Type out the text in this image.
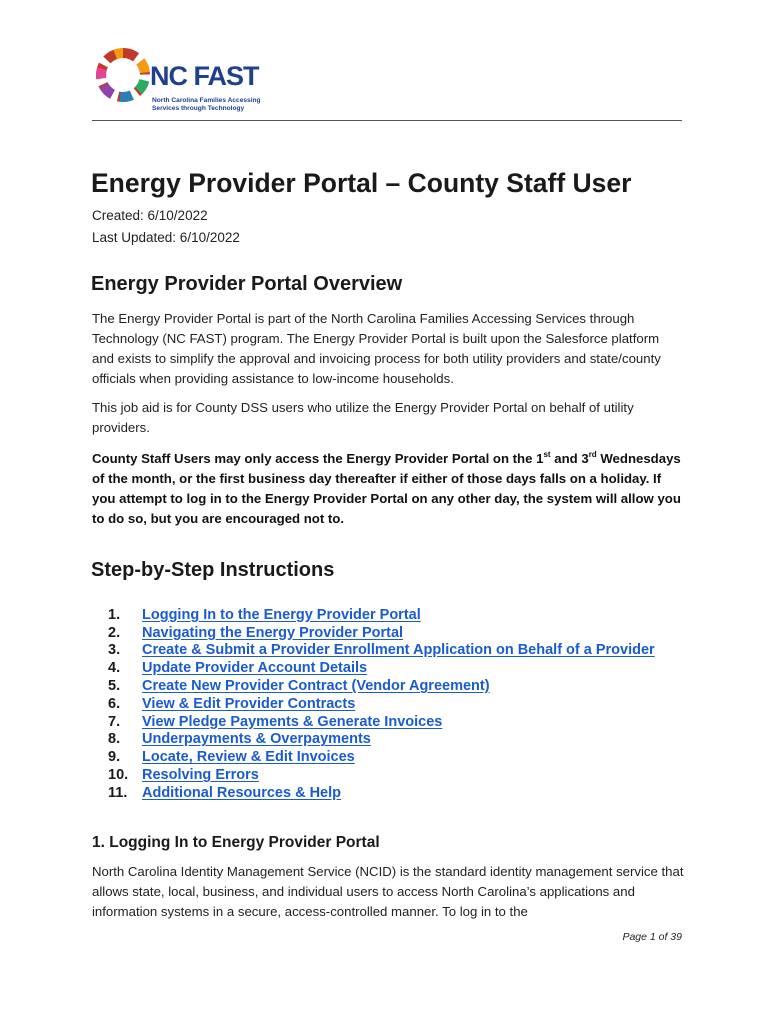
NC FAST
North Carolina Families Accessing
Services through Technology
Energy Provider Portal – County Staff User
Created: 6/10/2022
Last Updated: 6/10/2022
Energy Provider Portal Overview

The Energy Provider Portal is part of the North Carolina Families Accessing Services through Technology (NC FAST) program. The Energy Provider Portal is built upon the Salesforce platform and exists to simplify the approval and invoicing process for both utility providers and state/county officials when providing assistance to low-income households.

This job aid is for County DSS users who utilize the Energy Provider Portal on behalf of utility providers.

County Staff Users may only access the Energy Provider Portal on the 1st and 3rd Wednesdays of the month, or the first business day thereafter if either of those days falls on a holiday. If you attempt to log in to the Energy Provider Portal on any other day, the system will allow you to do so, but you are encouraged not to.

Step-by-Step Instructions
1.	Logging In to the Energy Provider Portal
2.	Navigating the Energy Provider Portal
3.	Create & Submit a Provider Enrollment Application on Behalf of a Provider
4.	Update Provider Account Details
5.	Create New Provider Contract (Vendor Agreement)
6.	View & Edit Provider Contracts
7.	View Pledge Payments & Generate Invoices
8.	Underpayments & Overpayments
9.	Locate, Review & Edit Invoices
10. Resolving Errors
11.	Additional Resources & Help
1. Logging In to Energy Provider Portal

North Carolina Identity Management Service (NCID) is the standard identity management service that allows state, local, business, and individual users to access North Carolina’s applications and information systems in a secure, access-controlled manner. To log in to the

Page 1 of 39
